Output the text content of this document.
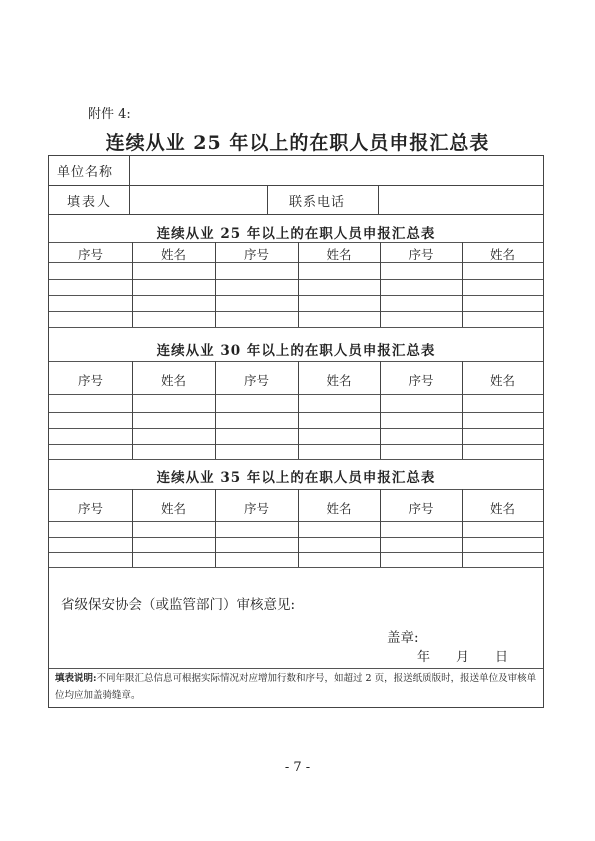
附件 4:
连续从业 25 年以上的在职人员申报汇总表
单位名称
填表人	联系电话
连续从业 25 年以上的在职人员申报汇总表
序号	姓名	序号	姓名	序号	姓名
连续从业 30 年以上的在职人员申报汇总表
序号	姓名	序号	姓名	序号	姓名
连续从业 35 年以上的在职人员申报汇总表
序号	姓名	序号	姓名	序号	姓名
省级保安协会（或监管部门）审核意见:
盖章:
年　　月　　日
填表说明:不同年限汇总信息可根据实际情况对应增加行数和序号，如超过 2 页，报送纸质版时，报送单位及审核单位均应加盖骑缝章。
- 7 -
